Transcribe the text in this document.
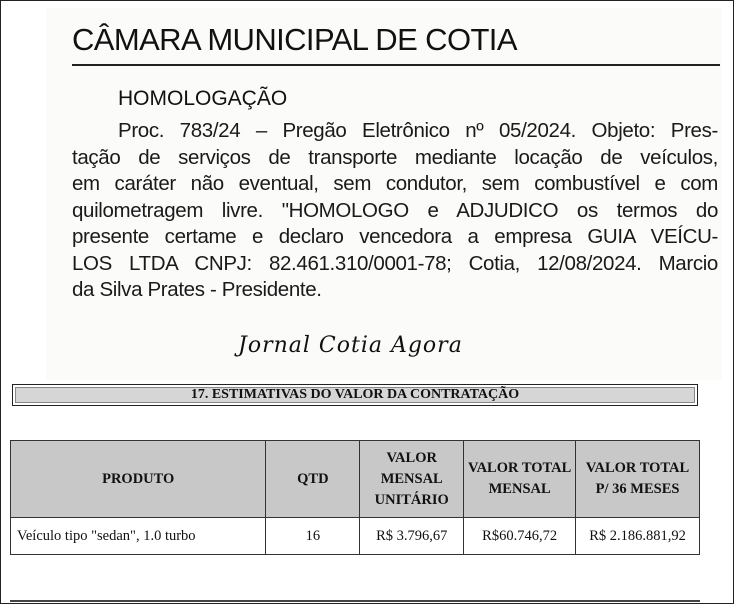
CÂMARA MUNICIPAL DE COTIA
HOMOLOGAÇÃO
Proc. 783/24 – Pregão Eletrônico nº 05/2024. Objeto: Pres-
tação de serviços de transporte mediante locação de veículos,
em caráter não eventual, sem condutor, sem combustível e com
quilometragem livre. "HOMOLOGO e ADJUDICO os termos do
presente certame e declaro vencedora a empresa GUIA VEÍCU-
LOS LTDA CNPJ: 82.461.310/0001-78; Cotia, 12/08/2024. Marcio
da Silva Prates - Presidente.
Jornal Cotia Agora
17. ESTIMATIVAS DO VALOR DA CONTRATAÇÃO
PRODUTO	QTD	VALOR MENSAL UNITÁRIO	VALOR TOTAL MENSAL	VALOR TOTAL P/ 36 MESES
Veículo tipo "sedan", 1.0 turbo	16	R$ 3.796,67	R$60.746,72	R$ 2.186.881,92
